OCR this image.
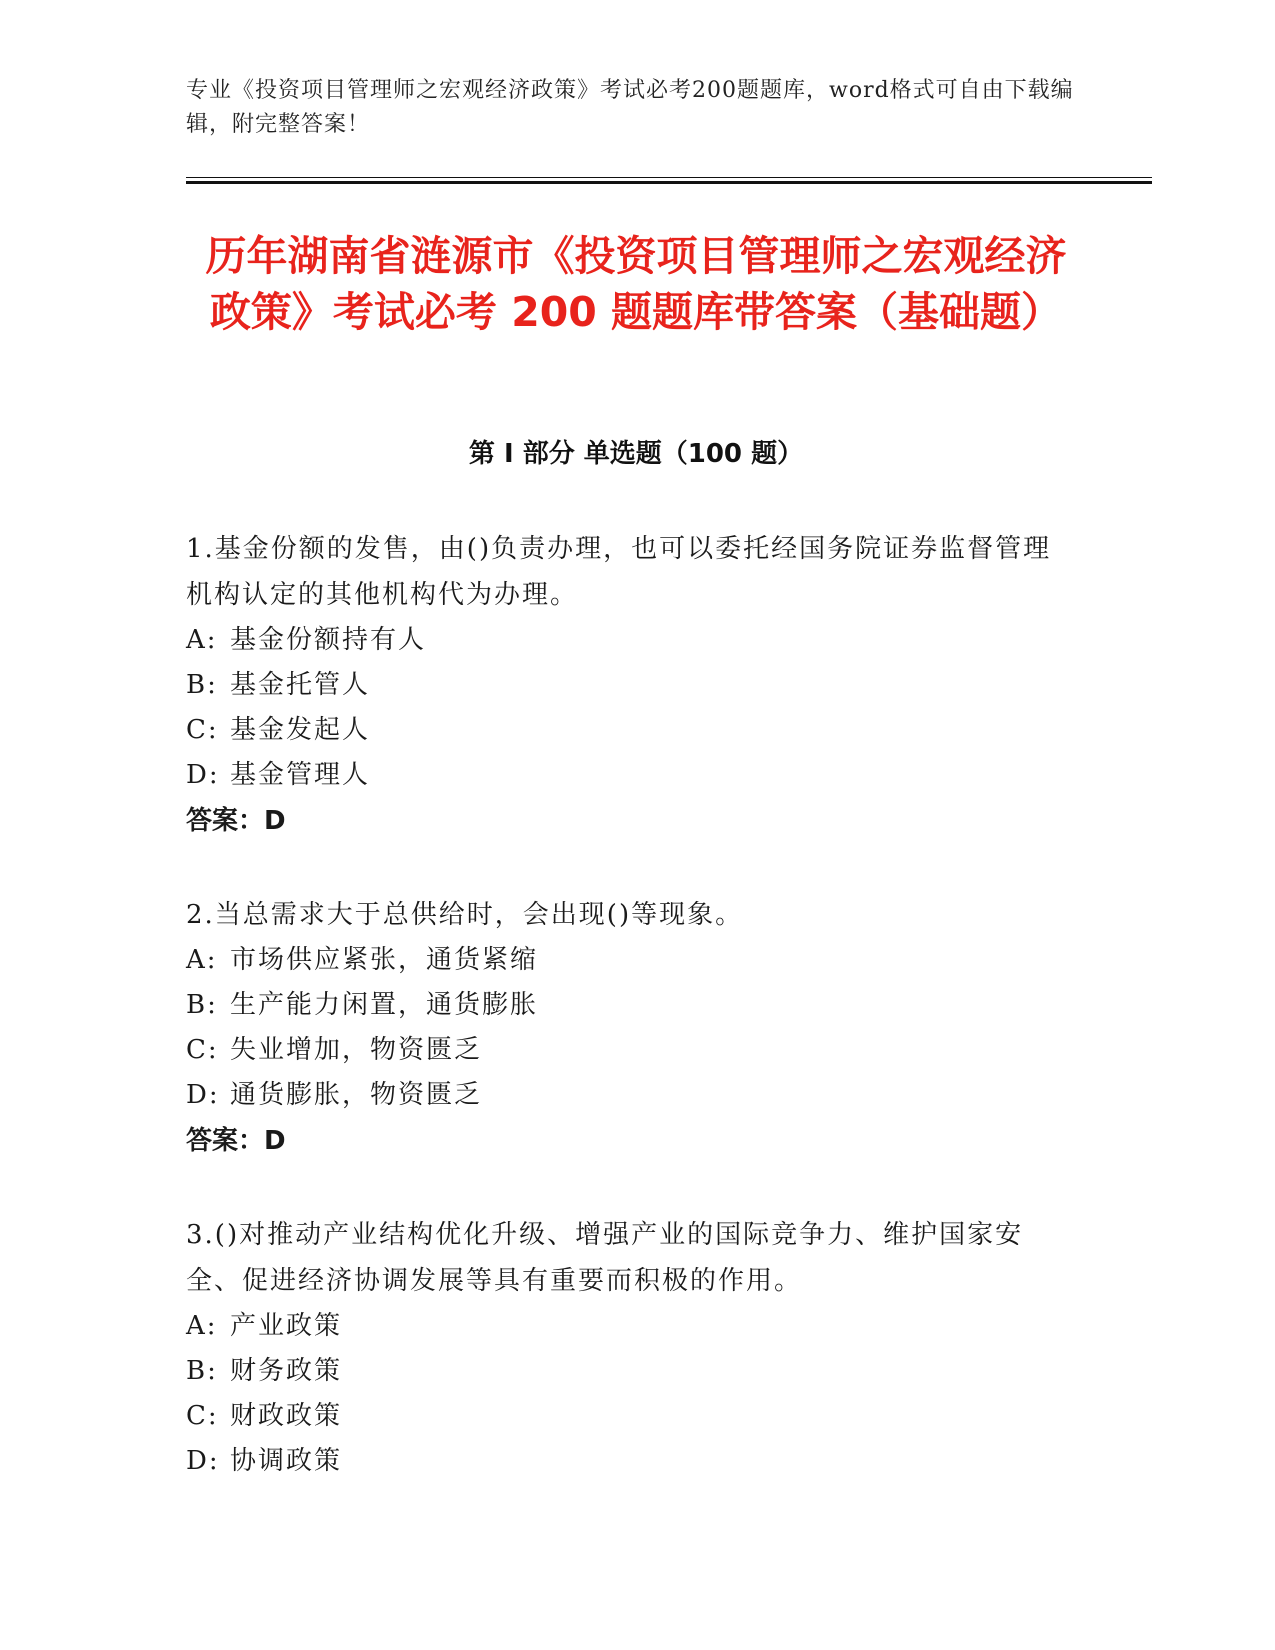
专业《投资项目管理师之宏观经济政策》考试必考200题题库，word格式可自由下载编辑，附完整答案！
历年湖南省涟源市《投资项目管理师之宏观经济政策》考试必考 200 题题库带答案（基础题）
第 I 部分 单选题（100 题）

1.基金份额的发售，由()负责办理，也可以委托经国务院证券监督管理机构认定的其他机构代为办理。

A: 基金份额持有人

B: 基金托管人

C: 基金发起人

D: 基金管理人

答案：D

2.当总需求大于总供给时，会出现()等现象。

A: 市场供应紧张，通货紧缩

B: 生产能力闲置，通货膨胀

C: 失业增加，物资匮乏

D: 通货膨胀，物资匮乏

答案：D

3.()对推动产业结构优化升级、增强产业的国际竞争力、维护国家安全、促进经济协调发展等具有重要而积极的作用。

A: 产业政策

B: 财务政策

C: 财政政策

D: 协调政策
